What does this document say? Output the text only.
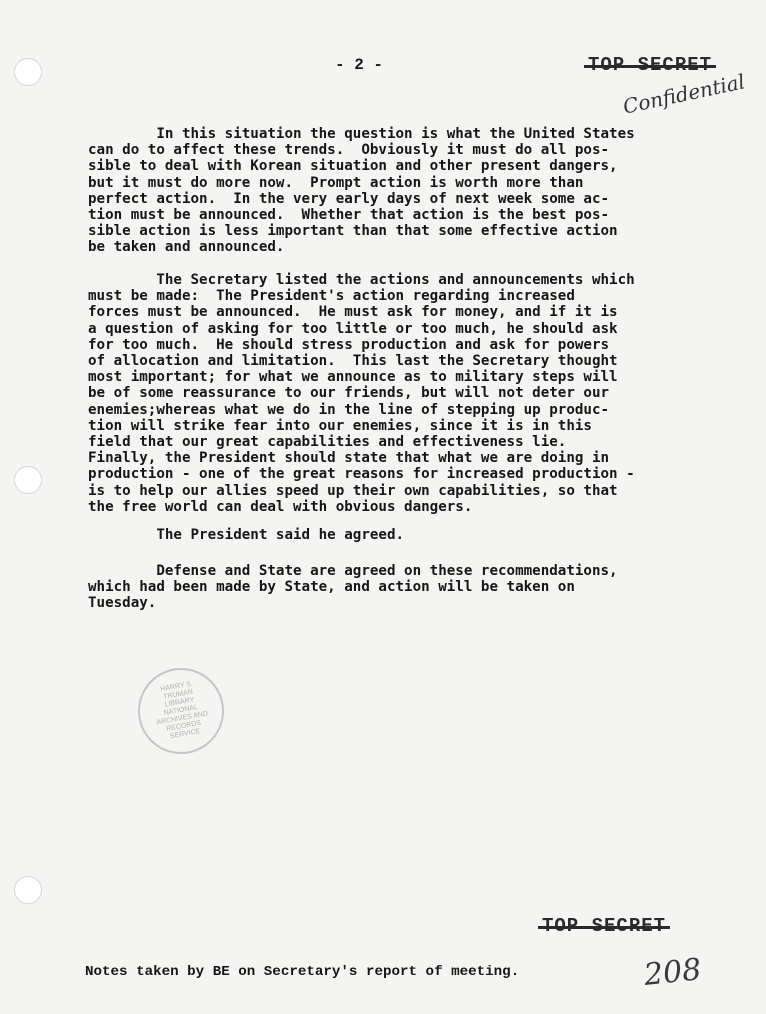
- 2 -	TOP SECRET
Confidential
In this situation the question is what the United States
can do to affect these trends.  Obviously it must do all pos-
sible to deal with Korean situation and other present dangers,
but it must do more now.  Prompt action is worth more than
perfect action.  In the very early days of next week some ac-
tion must be announced.  Whether that action is the best pos-
sible action is less important than that some effective action
be taken and announced.
The Secretary listed the actions and announcements which
must be made:  The President's action regarding increased
forces must be announced.  He must ask for money, and if it is
a question of asking for too little or too much, he should ask
for too much.  He should stress production and ask for powers
of allocation and limitation.  This last the Secretary thought
most important; for what we announce as to military steps will
be of some reassurance to our friends, but will not deter our
enemies;whereas what we do in the line of stepping up produc-
tion will strike fear into our enemies, since it is in this
field that our great capabilities and effectiveness lie.
Finally, the President should state that what we are doing in
production - one of the great reasons for increased production -
is to help our allies speed up their own capabilities, so that
the free world can deal with obvious dangers.
The President said he agreed.
Defense and State are agreed on these recommendations,
which had been made by State, and action will be taken on
Tuesday.
HARRY S. TRUMAN LIBRARY
NATIONAL ARCHIVES AND RECORDS SERVICE
TOP SECRET
Notes taken by BE on Secretary's report of meeting.	208
